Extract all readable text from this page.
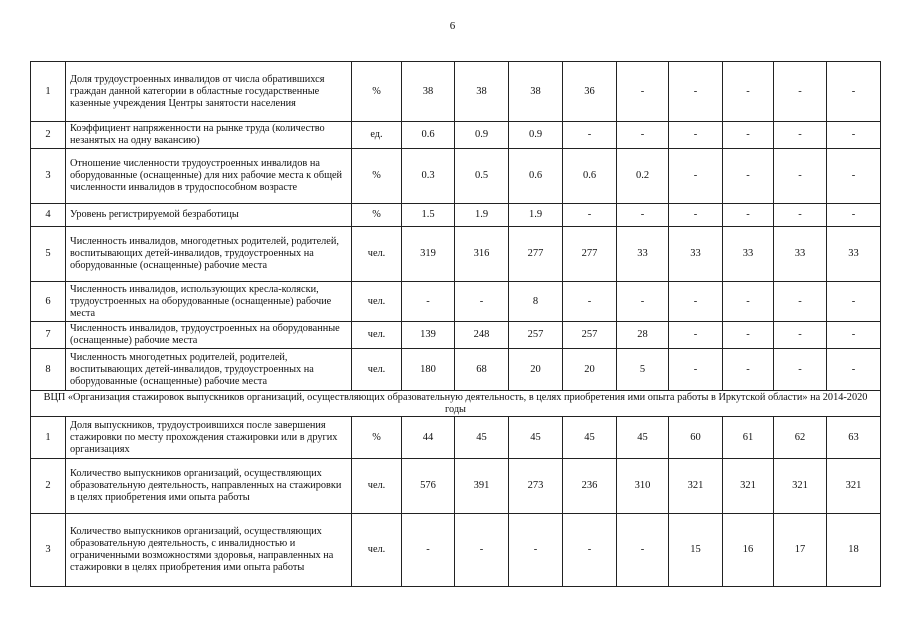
6
1	Доля трудоустроенных инвалидов от числа обратившихся граждан данной категории в областные государственные казенные учреждения Центры занятости населения	%	38	38	38	36	-	-	-	-	-
2	Коэффициент напряженности на рынке труда (количество незанятых на одну вакансию)	ед.	0.6	0.9	0.9	-	-	-	-	-	-
3	Отношение численности трудоустроенных инвалидов на оборудованные (оснащенные) для них рабочие места к общей численности инвалидов в трудоспособном возрасте	%	0.3	0.5	0.6	0.6	0.2	-	-	-	-
4	Уровень регистрируемой безработицы	%	1.5	1.9	1.9	-	-	-	-	-	-
5	Численность инвалидов, многодетных родителей, родителей, воспитывающих детей-инвалидов, трудоустроенных на оборудованные (оснащенные) рабочие места	чел.	319	316	277	277	33	33	33	33	33
6	Численность инвалидов, использующих кресла-коляски, трудоустроенных на оборудованные (оснащенные) рабочие места	чел.	-	-	8	-	-	-	-	-	-
7	Численность инвалидов, трудоустроенных на оборудованные (оснащенные) рабочие места	чел.	139	248	257	257	28	-	-	-	-
8	Численность многодетных родителей, родителей, воспитывающих детей-инвалидов, трудоустроенных на оборудованные (оснащенные) рабочие места	чел.	180	68	20	20	5	-	-	-	-
ВЦП «Организация стажировок выпускников организаций, осуществляющих образовательную деятельность, в целях приобретения ими опыта работы в Иркутской области» на 2014-2020 годы											
1	Доля выпускников, трудоустроившихся после завершения стажировки по месту прохождения стажировки или в других организациях	%	44	45	45	45	45	60	61	62	63
2	Количество выпускников организаций, осуществляющих образовательную деятельность, направленных на стажировки в целях приобретения ими опыта работы	чел.	576	391	273	236	310	321	321	321	321
3	Количество выпускников организаций, осуществляющих образовательную деятельность, с инвалидностью и ограниченными возможностями здоровья, направленных на стажировки в целях приобретения ими опыта работы	чел.	-	-	-	-	-	15	16	17	18
